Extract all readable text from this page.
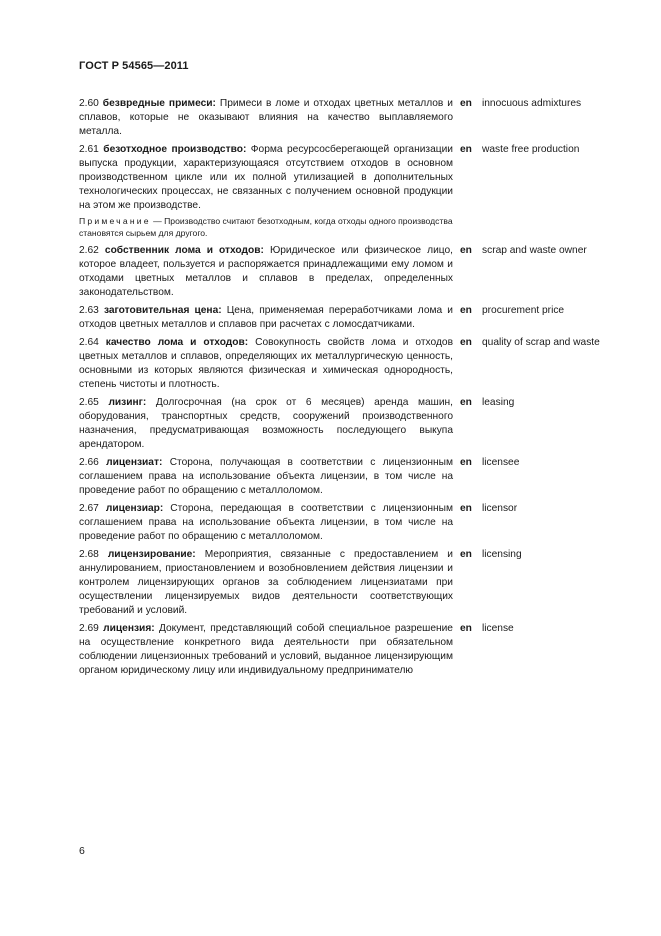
ГОСТ Р 54565—2011
2.60 безвредные примеси: Примеси в ломе и отходах цветных металлов и сплавов, которые не оказывают влияния на качество выплавляемого металла.
en innocuous admixtures
2.61 безотходное производство: Форма ресурсосберегающей организации выпуска продукции, характеризующаяся отсутствием отходов в основном производственном цикле или их полной утилизацией в дополнительных технологических процессах, не связанных с получением основной продукции на этом же производстве.
en waste free production
Примечание — Производство считают безотходным, когда отходы одного производства становятся сырьем для другого.
2.62 собственник лома и отходов: Юридическое или физическое лицо, которое владеет, пользуется и распоряжается принадлежащими ему ломом и отходами цветных металлов и сплавов в пределах, определенных законодательством.
en scrap and waste owner
2.63 заготовительная цена: Цена, применяемая переработчиками лома и отходов цветных металлов и сплавов при расчетах с ломосдатчиками.
en procurement price
2.64 качество лома и отходов: Совокупность свойств лома и отходов цветных металлов и сплавов, определяющих их металлургическую ценность, основными из которых являются физическая и химическая однородность, степень чистоты и плотность.
en quality of scrap and waste
2.65 лизинг: Долгосрочная (на срок от 6 месяцев) аренда машин, оборудования, транспортных средств, сооружений производственного назначения, предусматривающая возможность последующего выкупа арендатором.
en leasing
2.66 лицензиат: Сторона, получающая в соответствии с лицензионным соглашением права на использование объекта лицензии, в том числе на проведение работ по обращению с металлоломом.
en licensee
2.67 лицензиар: Сторона, передающая в соответствии с лицензионным соглашением права на использование объекта лицензии, в том числе на проведение работ по обращению с металлоломом.
en licensor
2.68 лицензирование: Мероприятия, связанные с предоставлением и аннулированием, приостановлением и возобновлением действия лицензии и контролем лицензирующих органов за соблюдением лицензиатами при осуществлении лицензируемых видов деятельности соответствующих требований и условий.
en licensing
2.69 лицензия: Документ, представляющий собой специальное разрешение на осуществление конкретного вида деятельности при обязательном соблюдении лицензионных требований и условий, выданное лицензирующим органом юридическому лицу или индивидуальному предпринимателю
en license
6
